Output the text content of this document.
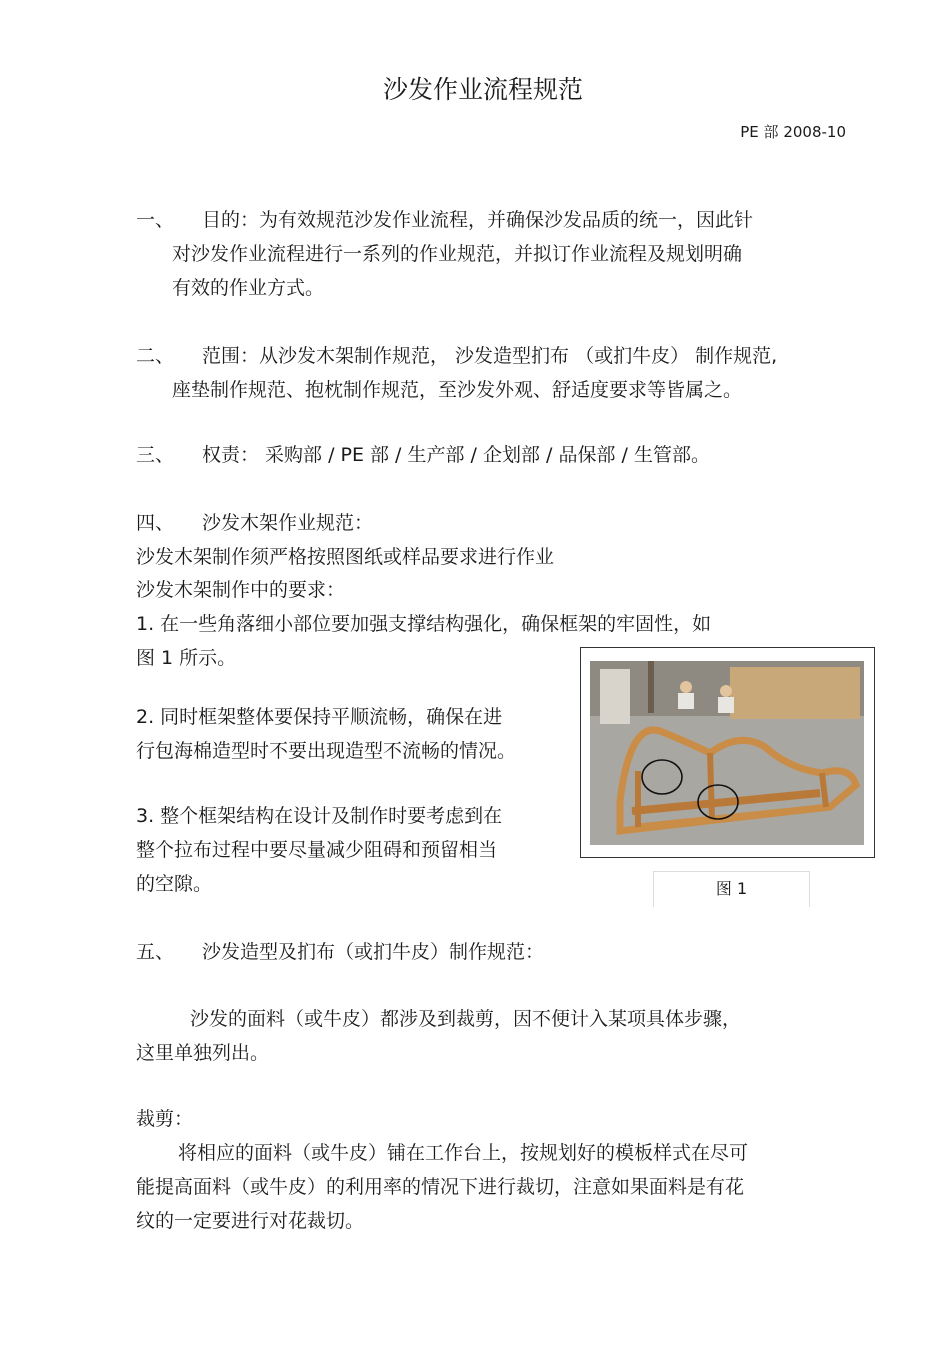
沙发作业流程规范
PE 部 2008-10
一、 目的：为有效规范沙发作业流程，并确保沙发品质的统一，因此针
对沙发作业流程进行一系列的作业规范，并拟订作业流程及规划明确
有效的作业方式。
二、 范围：从沙发木架制作规范， 沙发造型扪布 （或扪牛皮） 制作规范,
座垫制作规范、抱枕制作规范，至沙发外观、舒适度要求等皆属之。
三、 权责： 采购部 / PE 部 / 生产部 / 企划部 / 品保部 / 生管部。
四、 沙发木架作业规范：
沙发木架制作须严格按照图纸或样品要求进行作业
沙发木架制作中的要求：
1. 在一些角落细小部位要加强支撑结构强化，确保框架的牢固性，如
图 1 所示。
2. 同时框架整体要保持平顺流畅，确保在进
行包海棉造型时不要出现造型不流畅的情况。
3. 整个框架结构在设计及制作时要考虑到在
整个拉布过程中要尽量减少阻碍和预留相当
的空隙。	图 1
五、 沙发造型及扪布（或扪牛皮）制作规范：
沙发的面料（或牛皮）都涉及到裁剪，因不便计入某项具体步骤，
这里单独列出。
裁剪：
将相应的面料（或牛皮）铺在工作台上，按规划好的模板样式在尽可
能提高面料（或牛皮）的利用率的情况下进行裁切，注意如果面料是有花
纹的一定要进行对花裁切。
